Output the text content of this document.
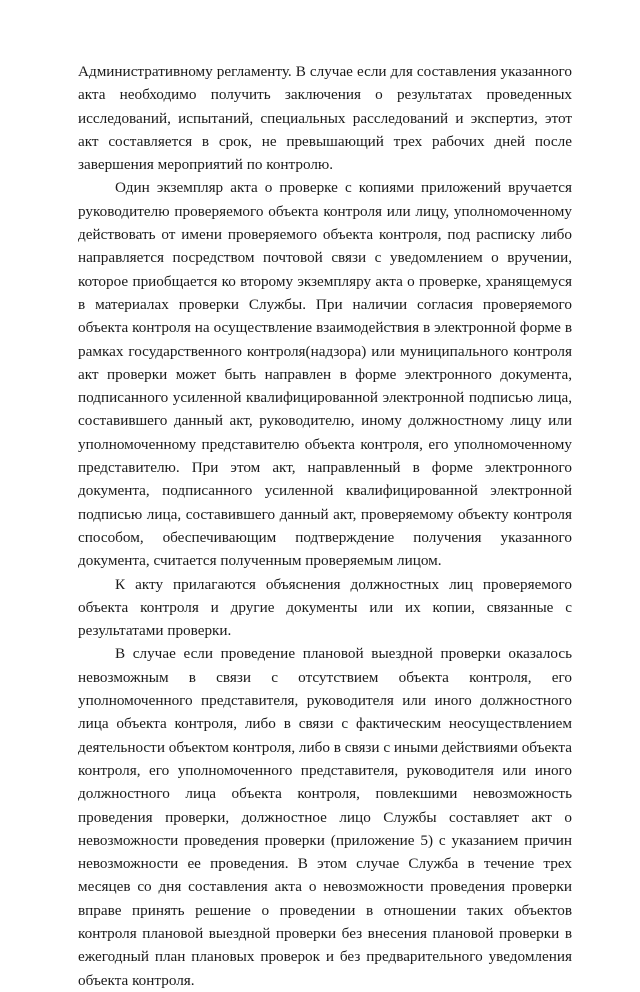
Административному регламенту. В случае если для составления указанного акта необходимо получить заключения о результатах проведенных исследований, испытаний, специальных расследований и экспертиз, этот акт составляется в срок, не превышающий трех рабочих дней после завершения мероприятий по контролю.

Один экземпляр акта о проверке с копиями приложений вручается руководителю проверяемого объекта контроля или лицу, уполномоченному действовать от имени проверяемого объекта контроля, под расписку либо направляется посредством почтовой связи с уведомлением о вручении, которое приобщается ко второму экземпляру акта о проверке, хранящемуся в материалах проверки Службы. При наличии согласия проверяемого объекта контроля на осуществление взаимодействия в электронной форме в рамках государственного контроля(надзора) или муниципального контроля акт проверки может быть направлен в форме электронного документа, подписанного усиленной квалифицированной электронной подписью лица, составившего данный акт, руководителю, иному должностному лицу или уполномоченному представителю объекта контроля, его уполномоченному представителю. При этом акт, направленный в форме электронного документа, подписанного усиленной квалифицированной электронной подписью лица, составившего данный акт, проверяемому объекту контроля способом, обеспечивающим подтверждение получения указанного документа, считается полученным проверяемым лицом.

К акту прилагаются объяснения должностных лиц проверяемого объекта контроля и другие документы или их копии, связанные с результатами проверки.

В случае если проведение плановой выездной проверки оказалось невозможным в связи с отсутствием объекта контроля, его уполномоченного представителя, руководителя или иного должностного лица объекта контроля, либо в связи с фактическим неосуществлением деятельности объектом контроля, либо в связи с иными действиями объекта контроля, его уполномоченного представителя, руководителя или иного должностного лица объекта контроля, повлекшими невозможность проведения проверки, должностное лицо Службы составляет акт о невозможности проведения проверки (приложение 5) с указанием причин невозможности ее проведения. В этом случае Служба в течение трех месяцев со дня составления акта о невозможности проведения проверки вправе принять решение о проведении в отношении таких объектов контроля плановой выездной проверки без внесения плановой проверки в ежегодный план плановых проверок и без предварительного уведомления объекта контроля.
